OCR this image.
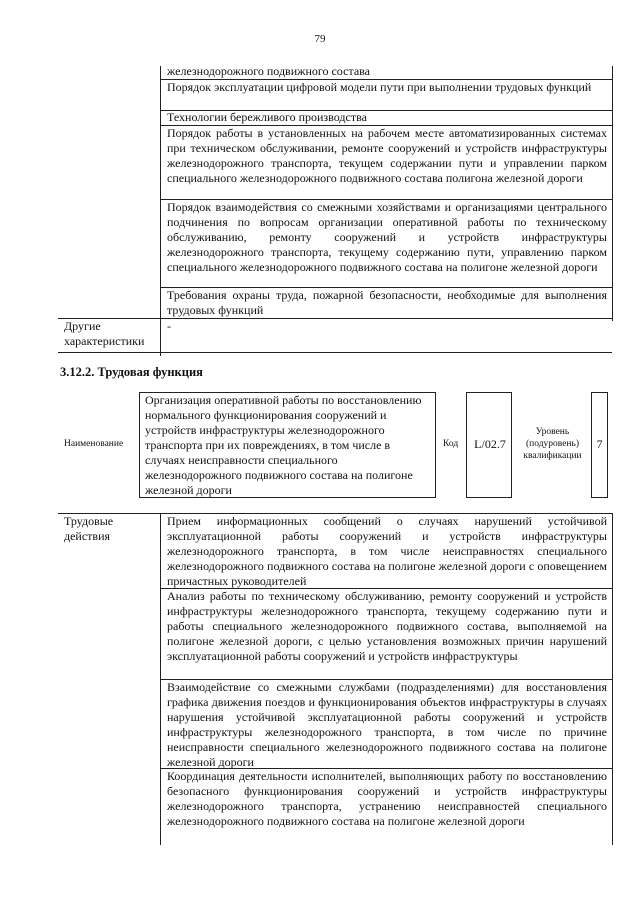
79

железнодорожного подвижного состава

Порядок эксплуатации цифровой модели пути при выполнении трудовых функций

Технологии бережливого производства

Порядок работы в установленных на рабочем месте автоматизированных системах при техническом обслуживании, ремонте сооружений и устройств инфраструктуры железнодорожного транспорта, текущем содержании пути и управлении парком специального железнодорожного подвижного состава полигона железной дороги

Порядок взаимодействия со смежными хозяйствами и организациями центрального подчинения по вопросам организации оперативной работы по техническому обслуживанию, ремонту сооружений и устройств инфраструктуры железнодорожного транспорта, текущему содержанию пути, управлению парком специального железнодорожного подвижного состава на полигоне железной дороги

Требования охраны труда, пожарной безопасности, необходимые для выполнения трудовых функций

Другие характеристики

-

3.12.2. Трудовая функция
Наименование

Организация оперативной работы по восстановлению нормального функционирования сооружений и устройств инфраструктуры железнодорожного транспорта при их повреждениях, в том числе в случаях неисправности специального железнодорожного подвижного состава на полигоне железной дороги

Код	L/02.7
Уровень (подуровень) квалификации
7

Трудовые действия

Прием информационных сообщений о случаях нарушений устойчивой эксплуатационной работы сооружений и устройств инфраструктуры железнодорожного транспорта, в том числе неисправностях специального железнодорожного подвижного состава на полигоне железной дороги с оповещением причастных руководителей

Анализ работы по техническому обслуживанию, ремонту сооружений и устройств инфраструктуры железнодорожного транспорта, текущему содержанию пути и работы специального железнодорожного подвижного состава, выполняемой на полигоне железной дороги, с целью установления возможных причин нарушений эксплуатационной работы сооружений и устройств инфраструктуры

Взаимодействие со смежными службами (подразделениями) для восстановления графика движения поездов и функционирования объектов инфраструктуры в случаях нарушения устойчивой эксплуатационной работы сооружений и устройств инфраструктуры железнодорожного транспорта, в том числе по причине неисправности специального железнодорожного подвижного состава на полигоне железной дороги

Координация деятельности исполнителей, выполняющих работу по восстановлению безопасного функционирования сооружений и устройств инфраструктуры железнодорожного транспорта, устранению неисправностей специального железнодорожного подвижного состава на полигоне железной дороги
